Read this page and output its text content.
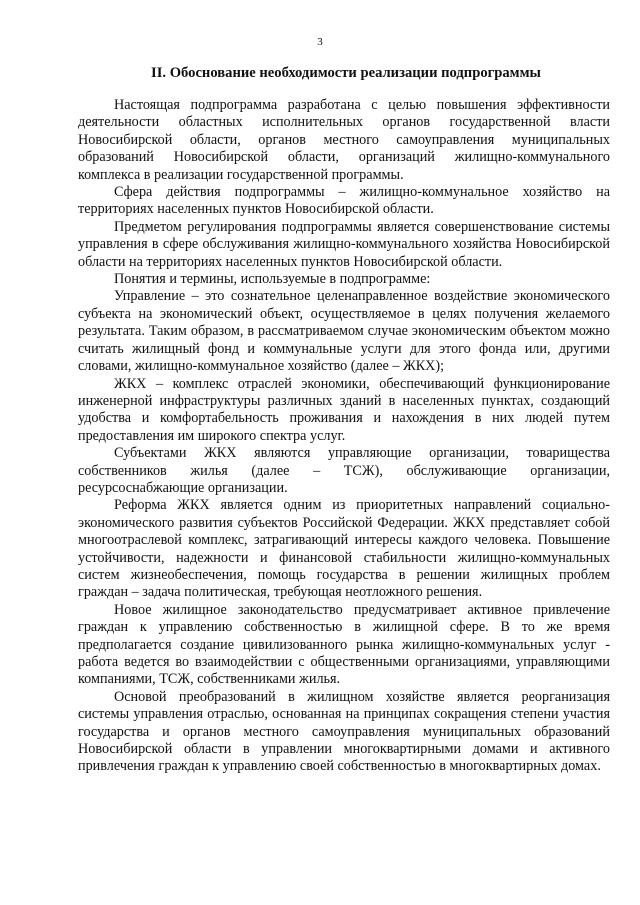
3
II. Обоснование необходимости реализации подпрограммы

Настоящая подпрограмма разработана с целью повышения эффективности деятельности областных исполнительных органов государственной власти Новосибирской области, органов местного самоуправления муниципальных образований Новосибирской области, организаций жилищно-коммунального комплекса в реализации государственной программы.

Сфера действия подпрограммы – жилищно-коммунальное хозяйство на территориях населенных пунктов Новосибирской области.

Предметом регулирования подпрограммы является совершенствование системы управления в сфере обслуживания жилищно-коммунального хозяйства Новосибирской области на территориях населенных пунктов Новосибирской области.

Понятия и термины, используемые в подпрограмме:

Управление – это сознательное целенаправленное воздействие экономического субъекта на экономический объект, осуществляемое в целях получения желаемого результата. Таким образом, в рассматриваемом случае экономическим объектом можно считать жилищный фонд и коммунальные услуги для этого фонда или, другими словами, жилищно-коммунальное хозяйство (далее – ЖКХ);

ЖКХ – комплекс отраслей экономики, обеспечивающий функционирование инженерной инфраструктуры различных зданий в населенных пунктах, создающий удобства и комфортабельность проживания и нахождения в них людей путем предоставления им широкого спектра услуг.

Субъектами ЖКХ являются управляющие организации, товарищества собственников жилья (далее – ТСЖ), обслуживающие организации, ресурсоснабжающие организации.

Реформа ЖКХ является одним из приоритетных направлений социально-экономического развития субъектов Российской Федерации. ЖКХ представляет собой многоотраслевой комплекс, затрагивающий интересы каждого человека. Повышение устойчивости, надежности и финансовой стабильности жилищно-коммунальных систем жизнеобеспечения, помощь государства в решении жилищных проблем граждан – задача политическая, требующая неотложного решения.

Новое жилищное законодательство предусматривает активное привлечение граждан к управлению собственностью в жилищной сфере. В то же время предполагается создание цивилизованного рынка жилищно-коммунальных услуг - работа ведется во взаимодействии с общественными организациями, управляющими компаниями, ТСЖ, собственниками жилья.

Основой преобразований в жилищном хозяйстве является реорганизация системы управления отраслью, основанная на принципах сокращения степени участия государства и органов местного самоуправления муниципальных образований Новосибирской области в управлении многоквартирными домами и активного привлечения граждан к управлению своей собственностью в многоквартирных домах.
